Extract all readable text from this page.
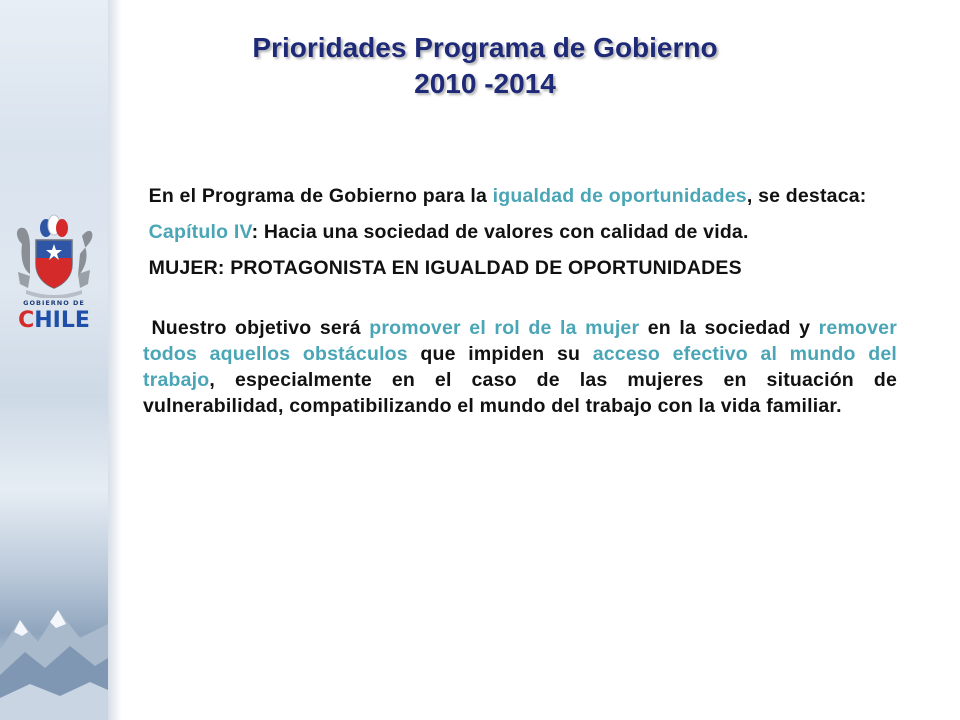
GOBIERNO DE
CHILE
Prioridades Programa de Gobierno
2010 -2014

En el Programa de Gobierno para la igualdad de oportunidades, se destaca:

Capítulo IV: Hacia una sociedad de valores con calidad de vida.

MUJER: PROTAGONISTA EN IGUALDAD DE OPORTUNIDADES

Nuestro objetivo será promover el rol de la mujer en la sociedad y remover todos aquellos obstáculos que impiden su acceso efectivo al mundo del trabajo, especialmente en el caso de las mujeres en situación de vulnerabilidad, compatibilizando el mundo del trabajo con la vida familiar.
